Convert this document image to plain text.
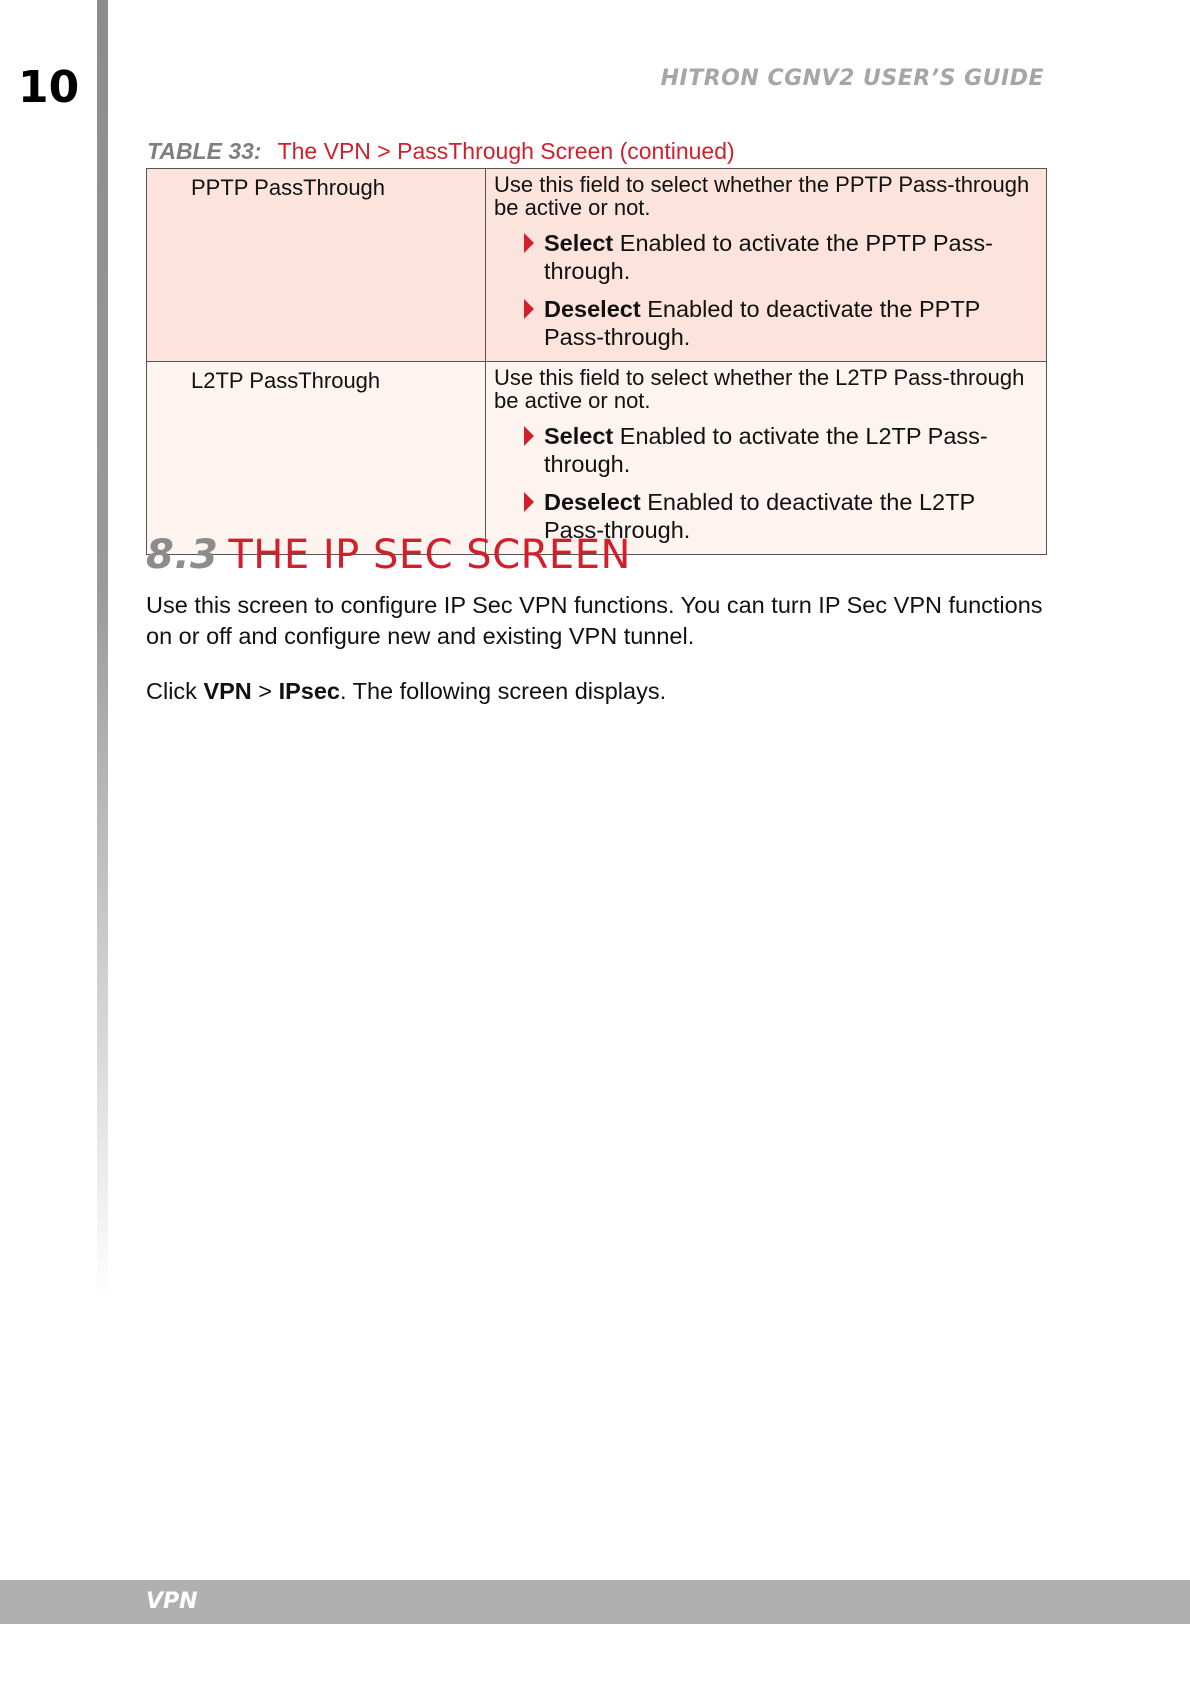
10	HITRON CGNV2 USER’S GUIDE
TABLE 33: The VPN > PassThrough Screen (continued)
PPTP PassThrough	Use this field to select whether the PPTP Pass-through be active or not.
Select Enabled to activate the PPTP Pass-through.
Deselect Enabled to deactivate the PPTP Pass-through.

L2TP PassThrough	Use this field to select whether the L2TP Pass-through be active or not.
Select Enabled to activate the L2TP Pass-through.
Deselect Enabled to deactivate the L2TP Pass-through.
8.3 THE IP SEC SCREEN
Use this screen to configure IP Sec VPN functions. You can turn IP Sec VPN functions on or off and configure new and existing VPN tunnel.
Click VPN > IPsec. The following screen displays.
VPN
